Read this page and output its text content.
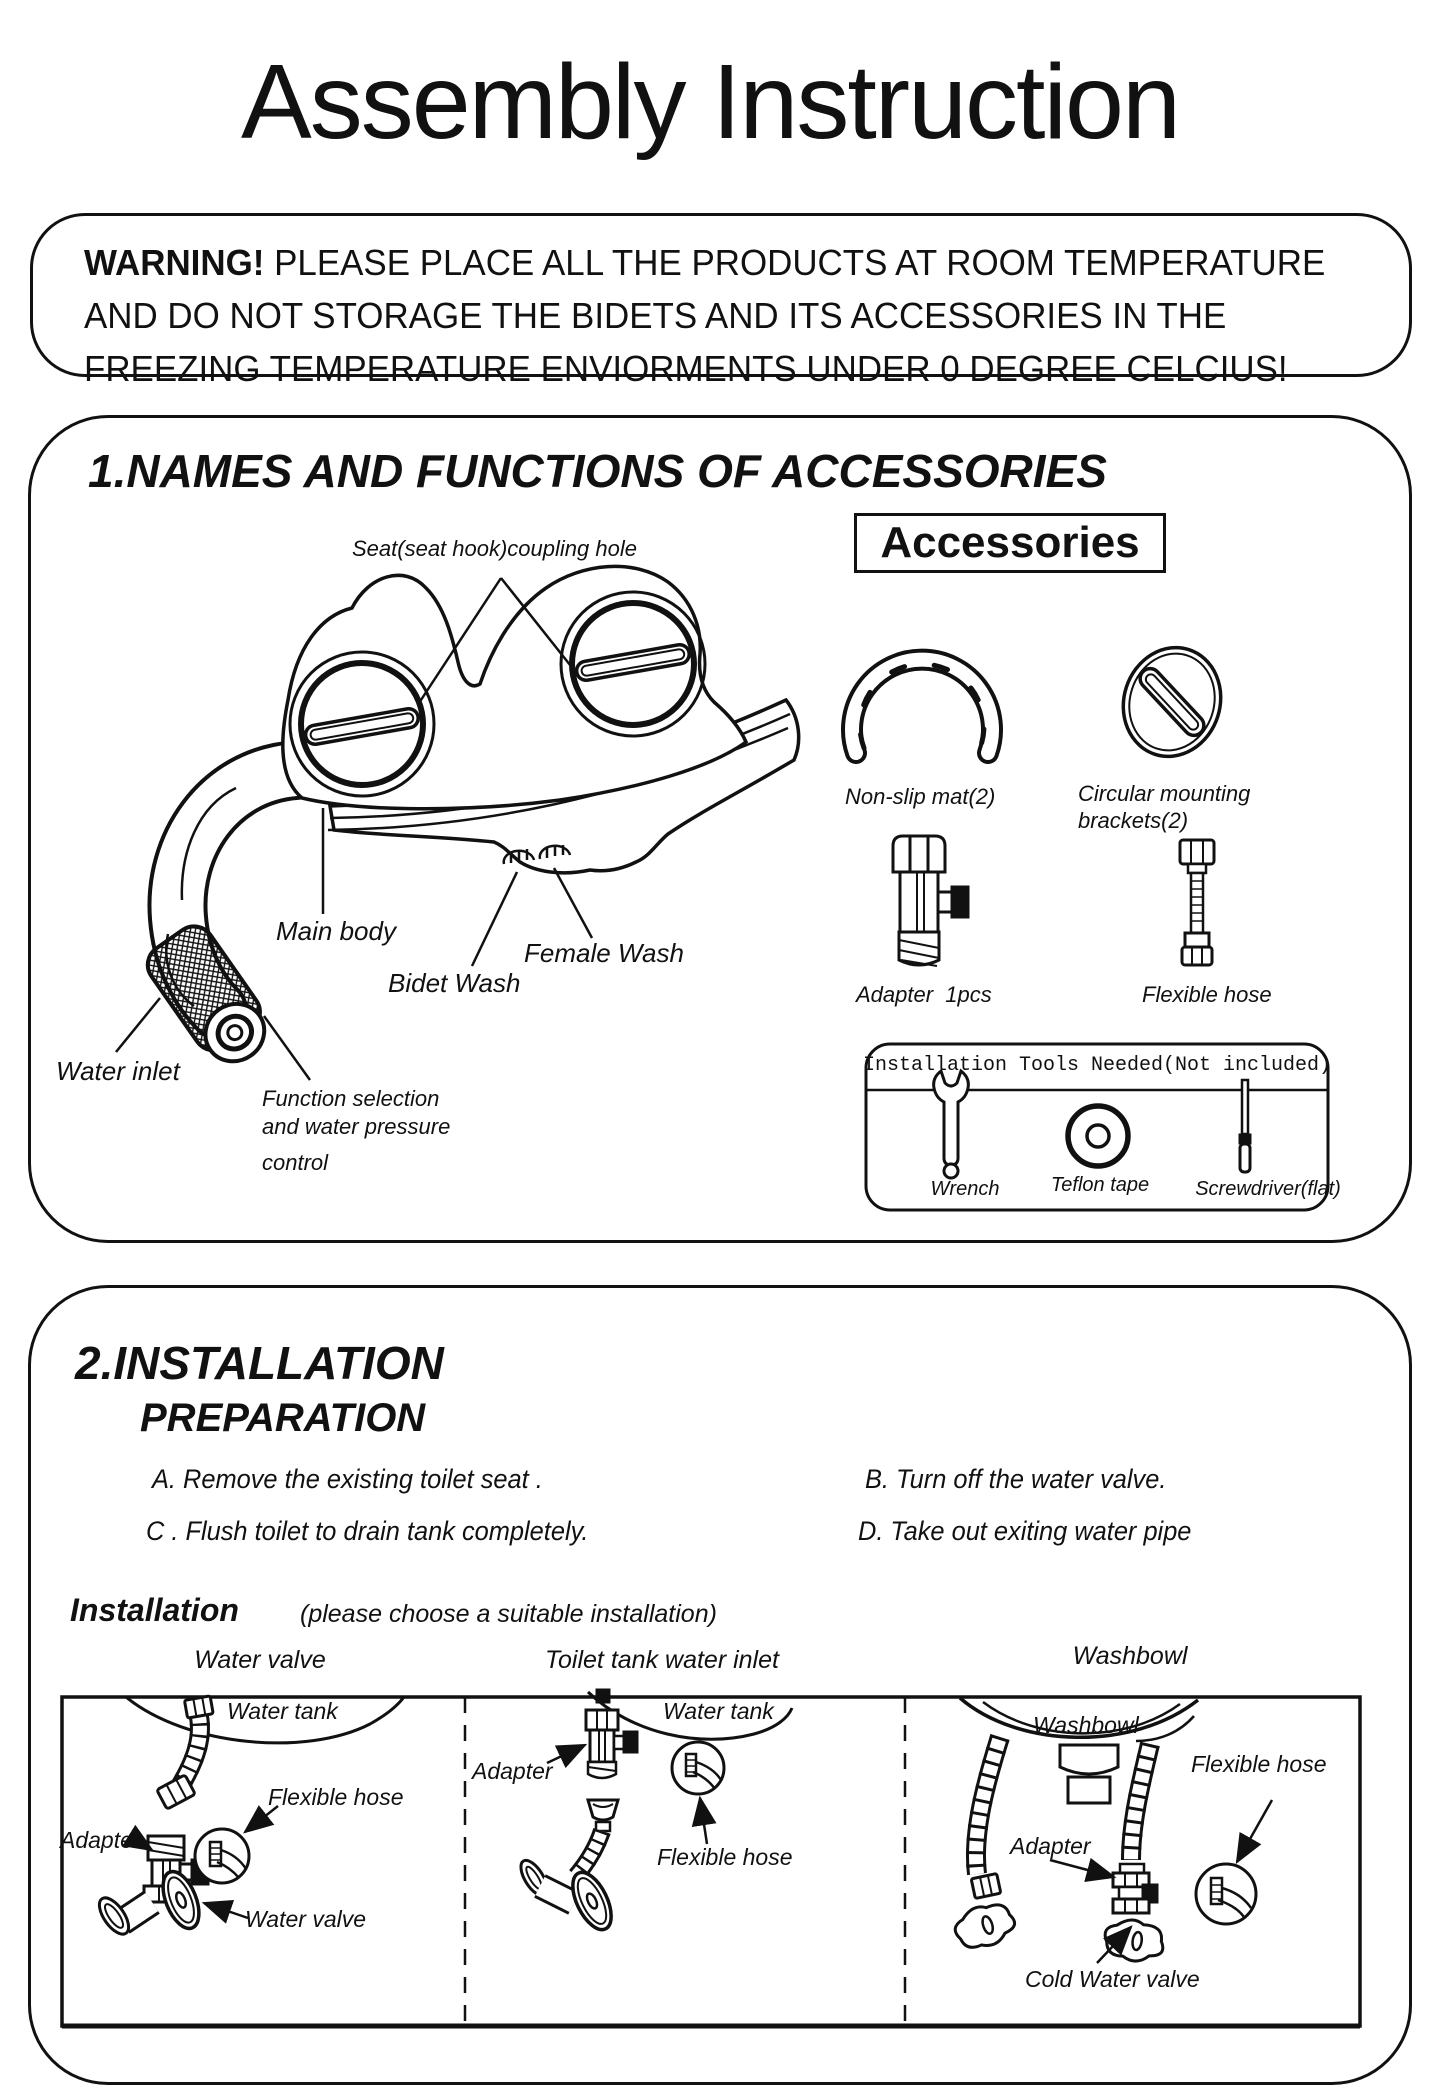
Assembly Instruction
WARNING! PLEASE PLACE ALL THE PRODUCTS AT ROOM TEMPERATURE
AND DO NOT STORAGE THE BIDETS AND ITS ACCESSORIES IN THE
FREEZING TEMPERATURE ENVIORMENTS UNDER 0 DEGREE CELCIUS!
1.NAMES AND FUNCTIONS OF ACCESSORIES
Seat(seat hook)coupling hole
Main body
Bidet Wash
Female Wash
Water inlet
Function selection
and water pressure
control
Accessories
Non-slip mat(2)	Circular mounting brackets(2)
Adapter  1pcs	Flexible hose
Installation Tools Needed(Not included)
Wrench	Teflon tape Screwdriver(flat)
2.INSTALLATION
PREPARATION
A. Remove the existing toilet seat .	B. Turn off the water valve.
C . Flush toilet to drain tank completely.	D. Take out exiting water pipe
Installation (please choose a suitable installation)
Water valve	Toilet tank water inlet	Washbowl
Water tank
Flexible hose
Adapter
Water valve
Adapter
Water tank
Flexible hose
Washbowl
Flexible hose
Adapter
Cold Water valve
